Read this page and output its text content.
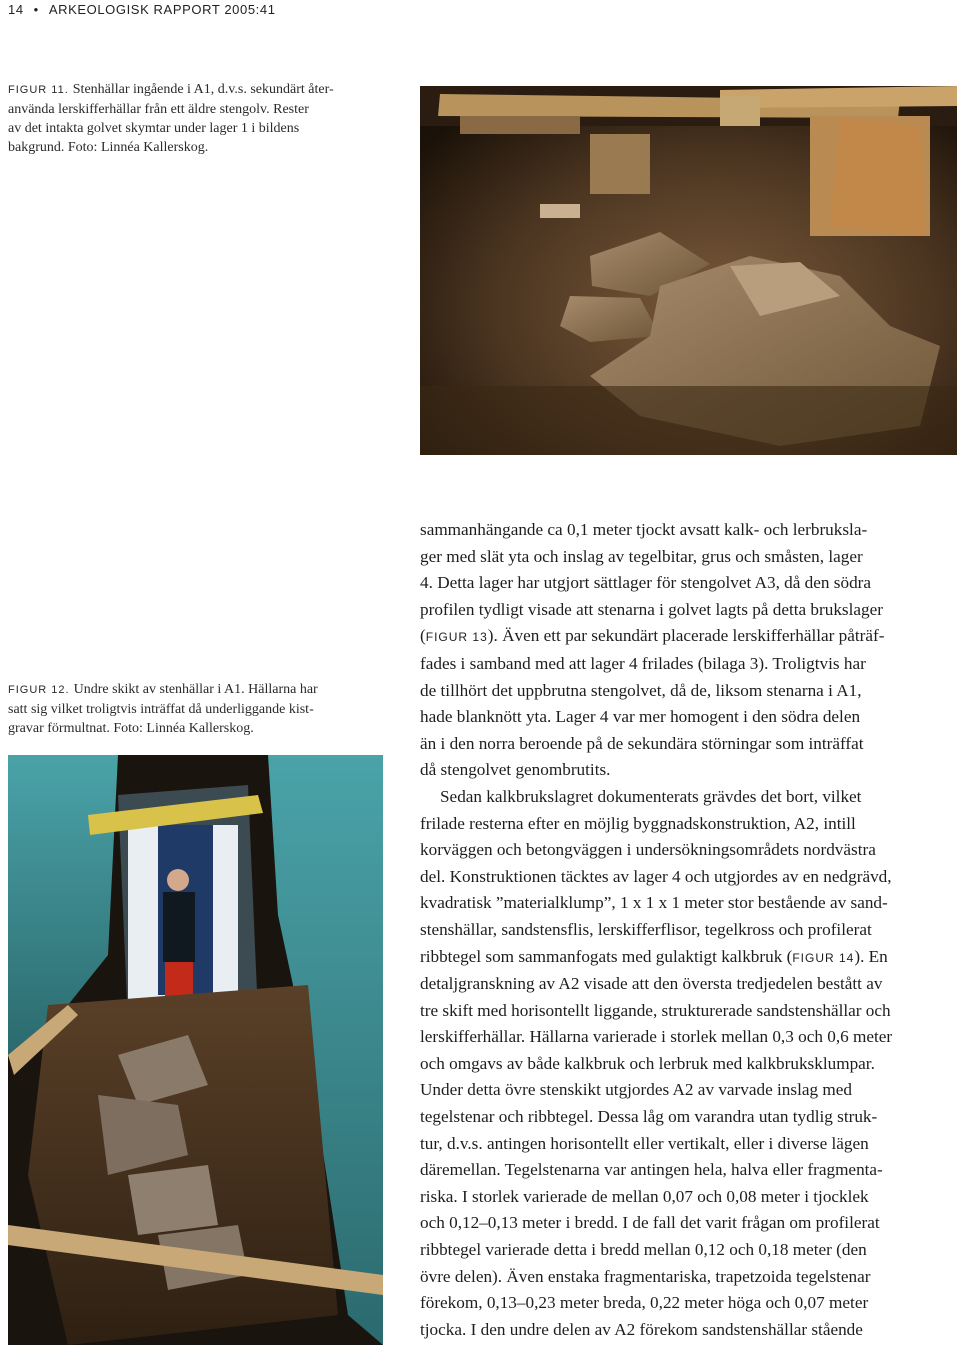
14 • ARKEOLOGISK RAPPORT 2005:41
FIGUR 11. Stenhällar ingående i A1, d.v.s. sekundärt åter-
använda lerskifferhällar från ett äldre stengolv. Rester
av det intakta golvet skymtar under lager 1 i bildens
bakgrund. Foto: Linnéa Kallerskog.
FIGUR 12. Undre skikt av stenhällar i A1. Hällarna har
satt sig vilket troligtvis inträffat då underliggande kist-
gravar förmultnat. Foto: Linnéa Kallerskog.

sammanhängande ca 0,1 meter tjockt avsatt kalk- och lerbruksla-
ger med slät yta och inslag av tegelbitar, grus och småsten, lager
4. Detta lager har utgjort sättlager för stengolvet A3, då den södra
profilen tydligt visade att stenarna i golvet lagts på detta brukslager
(FIGUR 13). Även ett par sekundärt placerade lerskifferhällar påträf-
fades i samband med att lager 4 frilades (bilaga 3). Troligtvis har
de tillhört det uppbrutna stengolvet, då de, liksom stenarna i A1,
hade blanknött yta. Lager 4 var mer homogent i den södra delen
än i den norra beroende på de sekundära störningar som inträffat
då stengolvet genombrutits.

Sedan kalkbrukslagret dokumenterats grävdes det bort, vilket
frilade resterna efter en möjlig byggnadskonstruktion, A2, intill
korväggen och betongväggen i undersökningsområdets nordvästra
del. Konstruktionen täcktes av lager 4 och utgjordes av en nedgrävd,
kvadratisk ”materialklump”, 1 x 1 x 1 meter stor bestående av sand-
stenshällar, sandstensflis, lerskifferflisor, tegelkross och profilerat
ribbtegel som sammanfogats med gulaktigt kalkbruk (FIGUR 14). En
detaljgranskning av A2 visade att den översta tredjedelen bestått av
tre skift med horisontellt liggande, strukturerade sandstenshällar och
lerskifferhällar. Hällarna varierade i storlek mellan 0,3 och 0,6 meter
och omgavs av både kalkbruk och lerbruk med kalkbruksklumpar.
Under detta övre stenskikt utgjordes A2 av varvade inslag med
tegelstenar och ribbtegel. Dessa låg om varandra utan tydlig struk-
tur, d.v.s. antingen horisontellt eller vertikalt, eller i diverse lägen
däremellan. Tegelstenarna var antingen hela, halva eller fragmenta-
riska. I storlek varierade de mellan 0,07 och 0,08 meter i tjocklek
och 0,12–0,13 meter i bredd. I de fall det varit frågan om profilerat
ribbtegel varierade detta i bredd mellan 0,12 och 0,18 meter (den
övre delen). Även enstaka fragmentariska, trapetzoida tegelstenar
förekom, 0,13–0,23 meter breda, 0,22 meter höga och 0,07 meter
tjocka. I den undre delen av A2 förekom sandstenshällar stående
